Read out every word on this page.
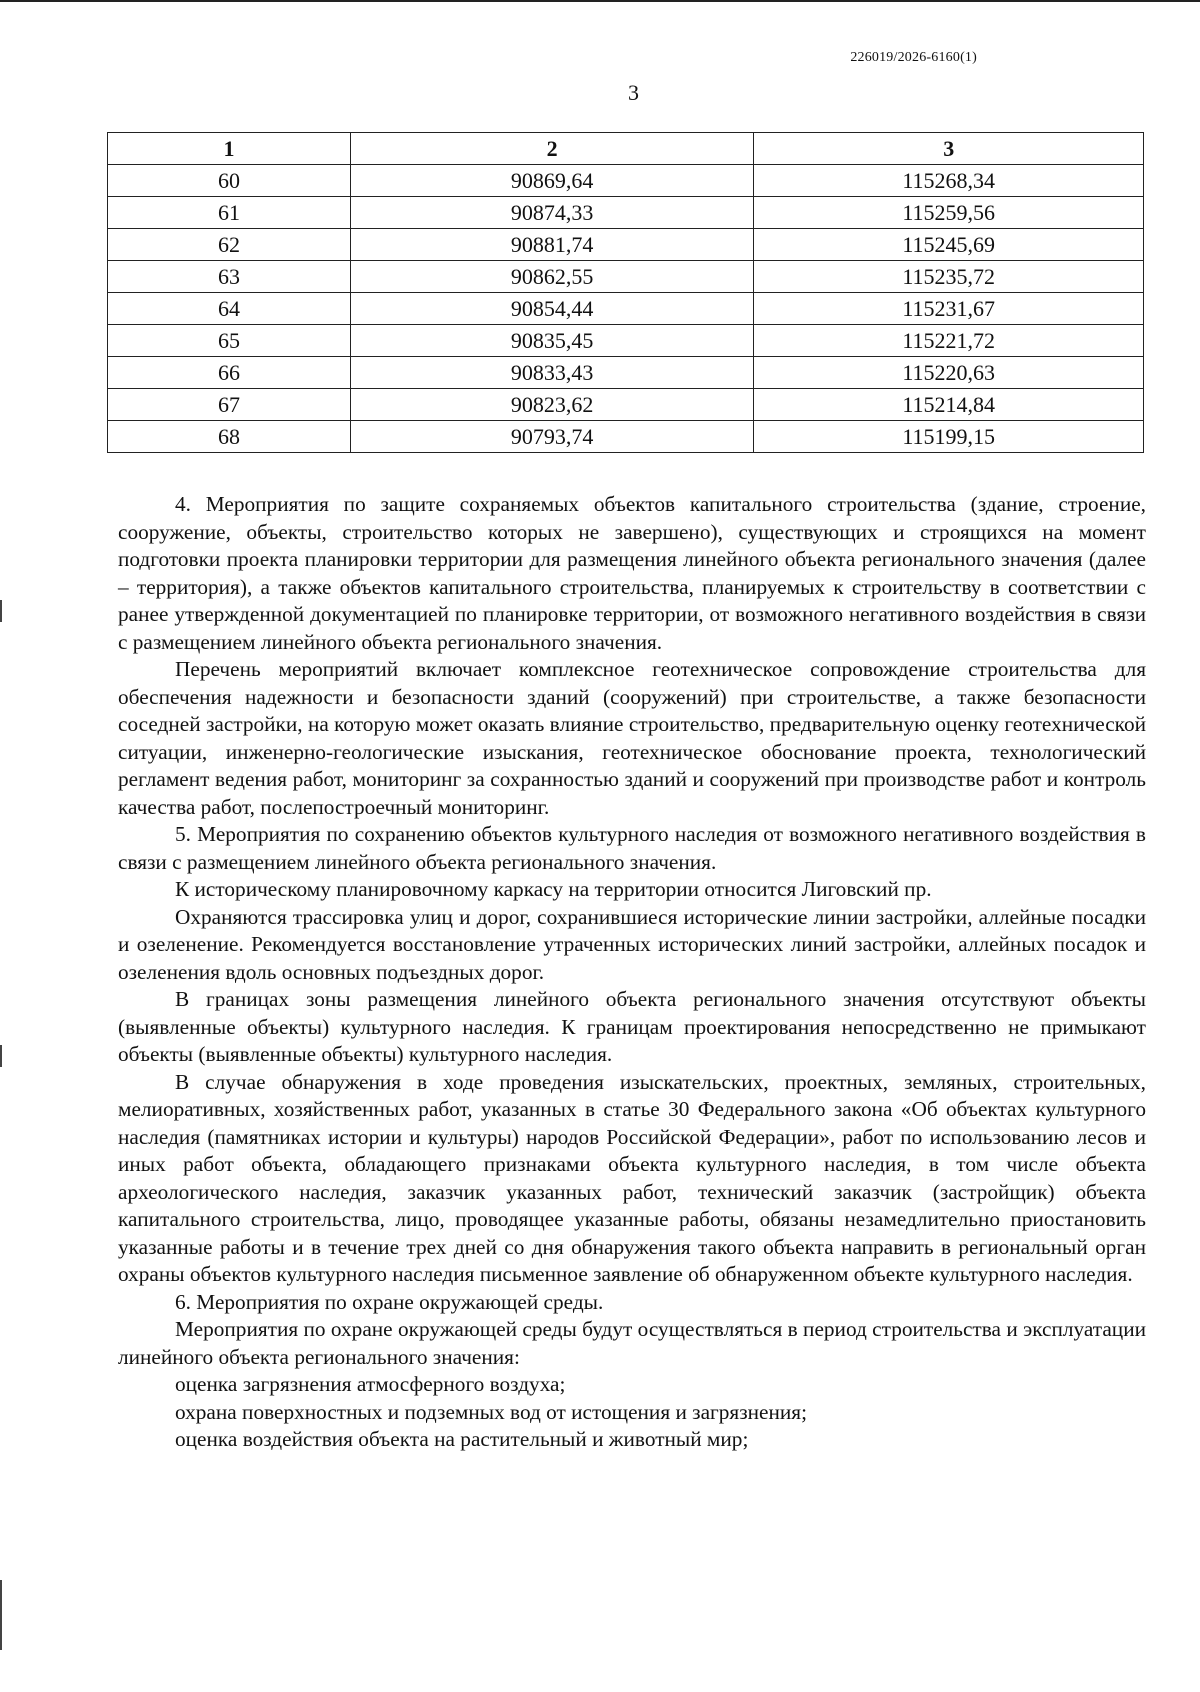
226019/2026-6160(1)
3
1	2	3
60	90869,64	115268,34
61	90874,33	115259,56
62	90881,74	115245,69
63	90862,55	115235,72
64	90854,44	115231,67
65	90835,45	115221,72
66	90833,43	115220,63
67	90823,62	115214,84
68	90793,74	115199,15

4. Мероприятия по защите сохраняемых объектов капитального строительства (здание, строение, сооружение, объекты, строительство которых не завершено), существующих и строящихся на момент подготовки проекта планировки территории для размещения линейного объекта регионального значения (далее – территория), а также объектов капитального строительства, планируемых к строительству в соответствии с ранее утвержденной документацией по планировке территории, от возможного негативного воздействия в связи с размещением линейного объекта регионального значения.

Перечень мероприятий включает комплексное геотехническое сопровождение строительства для обеспечения надежности и безопасности зданий (сооружений) при строительстве, а также безопасности соседней застройки, на которую может оказать влияние строительство, предварительную оценку геотехнической ситуации, инженерно-геологические изыскания, геотехническое обоснование проекта, технологический регламент ведения работ, мониторинг за сохранностью зданий и сооружений при производстве работ и контроль качества работ, послепостроечный мониторинг.

5. Мероприятия по сохранению объектов культурного наследия от возможного негативного воздействия в связи с размещением линейного объекта регионального значения.

К историческому планировочному каркасу на территории относится Лиговский пр.

Охраняются трассировка улиц и дорог, сохранившиеся исторические линии застройки, аллейные посадки и озеленение. Рекомендуется восстановление утраченных исторических линий застройки, аллейных посадок и озеленения вдоль основных подъездных дорог.

В границах зоны размещения линейного объекта регионального значения отсутствуют объекты (выявленные объекты) культурного наследия. К границам проектирования непосредственно не примыкают объекты (выявленные объекты) культурного наследия.

В случае обнаружения в ходе проведения изыскательских, проектных, земляных, строительных, мелиоративных, хозяйственных работ, указанных в статье 30 Федерального закона «Об объектах культурного наследия (памятниках истории и культуры) народов Российской Федерации», работ по использованию лесов и иных работ объекта, обладающего признаками объекта культурного наследия, в том числе объекта археологического наследия, заказчик указанных работ, технический заказчик (застройщик) объекта капитального строительства, лицо, проводящее указанные работы, обязаны незамедлительно приостановить указанные работы и в течение трех дней со дня обнаружения такого объекта направить в региональный орган охраны объектов культурного наследия письменное заявление об обнаруженном объекте культурного наследия.

6. Мероприятия по охране окружающей среды.

Мероприятия по охране окружающей среды будут осуществляться в период строительства и эксплуатации линейного объекта регионального значения:

оценка загрязнения атмосферного воздуха;

охрана поверхностных и подземных вод от истощения и загрязнения;

оценка воздействия объекта на растительный и животный мир;
